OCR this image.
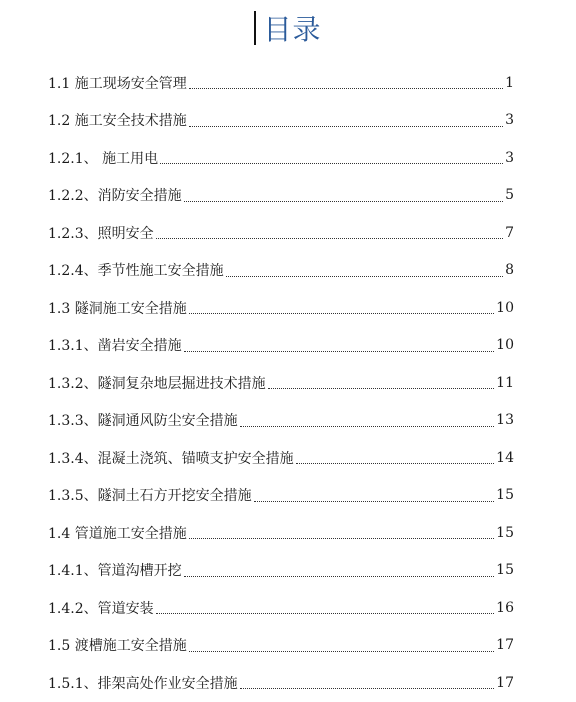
目录
1.1 施工现场安全管理	1
1.2 施工安全技术措施	3
1.2.1、 施工用电	3
1.2.2、消防安全措施	5
1.2.3、照明安全	7
1.2.4、季节性施工安全措施	8
1.3 隧洞施工安全措施	10
1.3.1、凿岩安全措施	10
1.3.2、隧洞复杂地层掘进技术措施	11
1.3.3、隧洞通风防尘安全措施	13
1.3.4、混凝土浇筑、锚喷支护安全措施	14
1.3.5、隧洞土石方开挖安全措施	15
1.4 管道施工安全措施	15
1.4.1、管道沟槽开挖	15
1.4.2、管道安装	16
1.5 渡槽施工安全措施	17
1.5.1、排架高处作业安全措施	17
